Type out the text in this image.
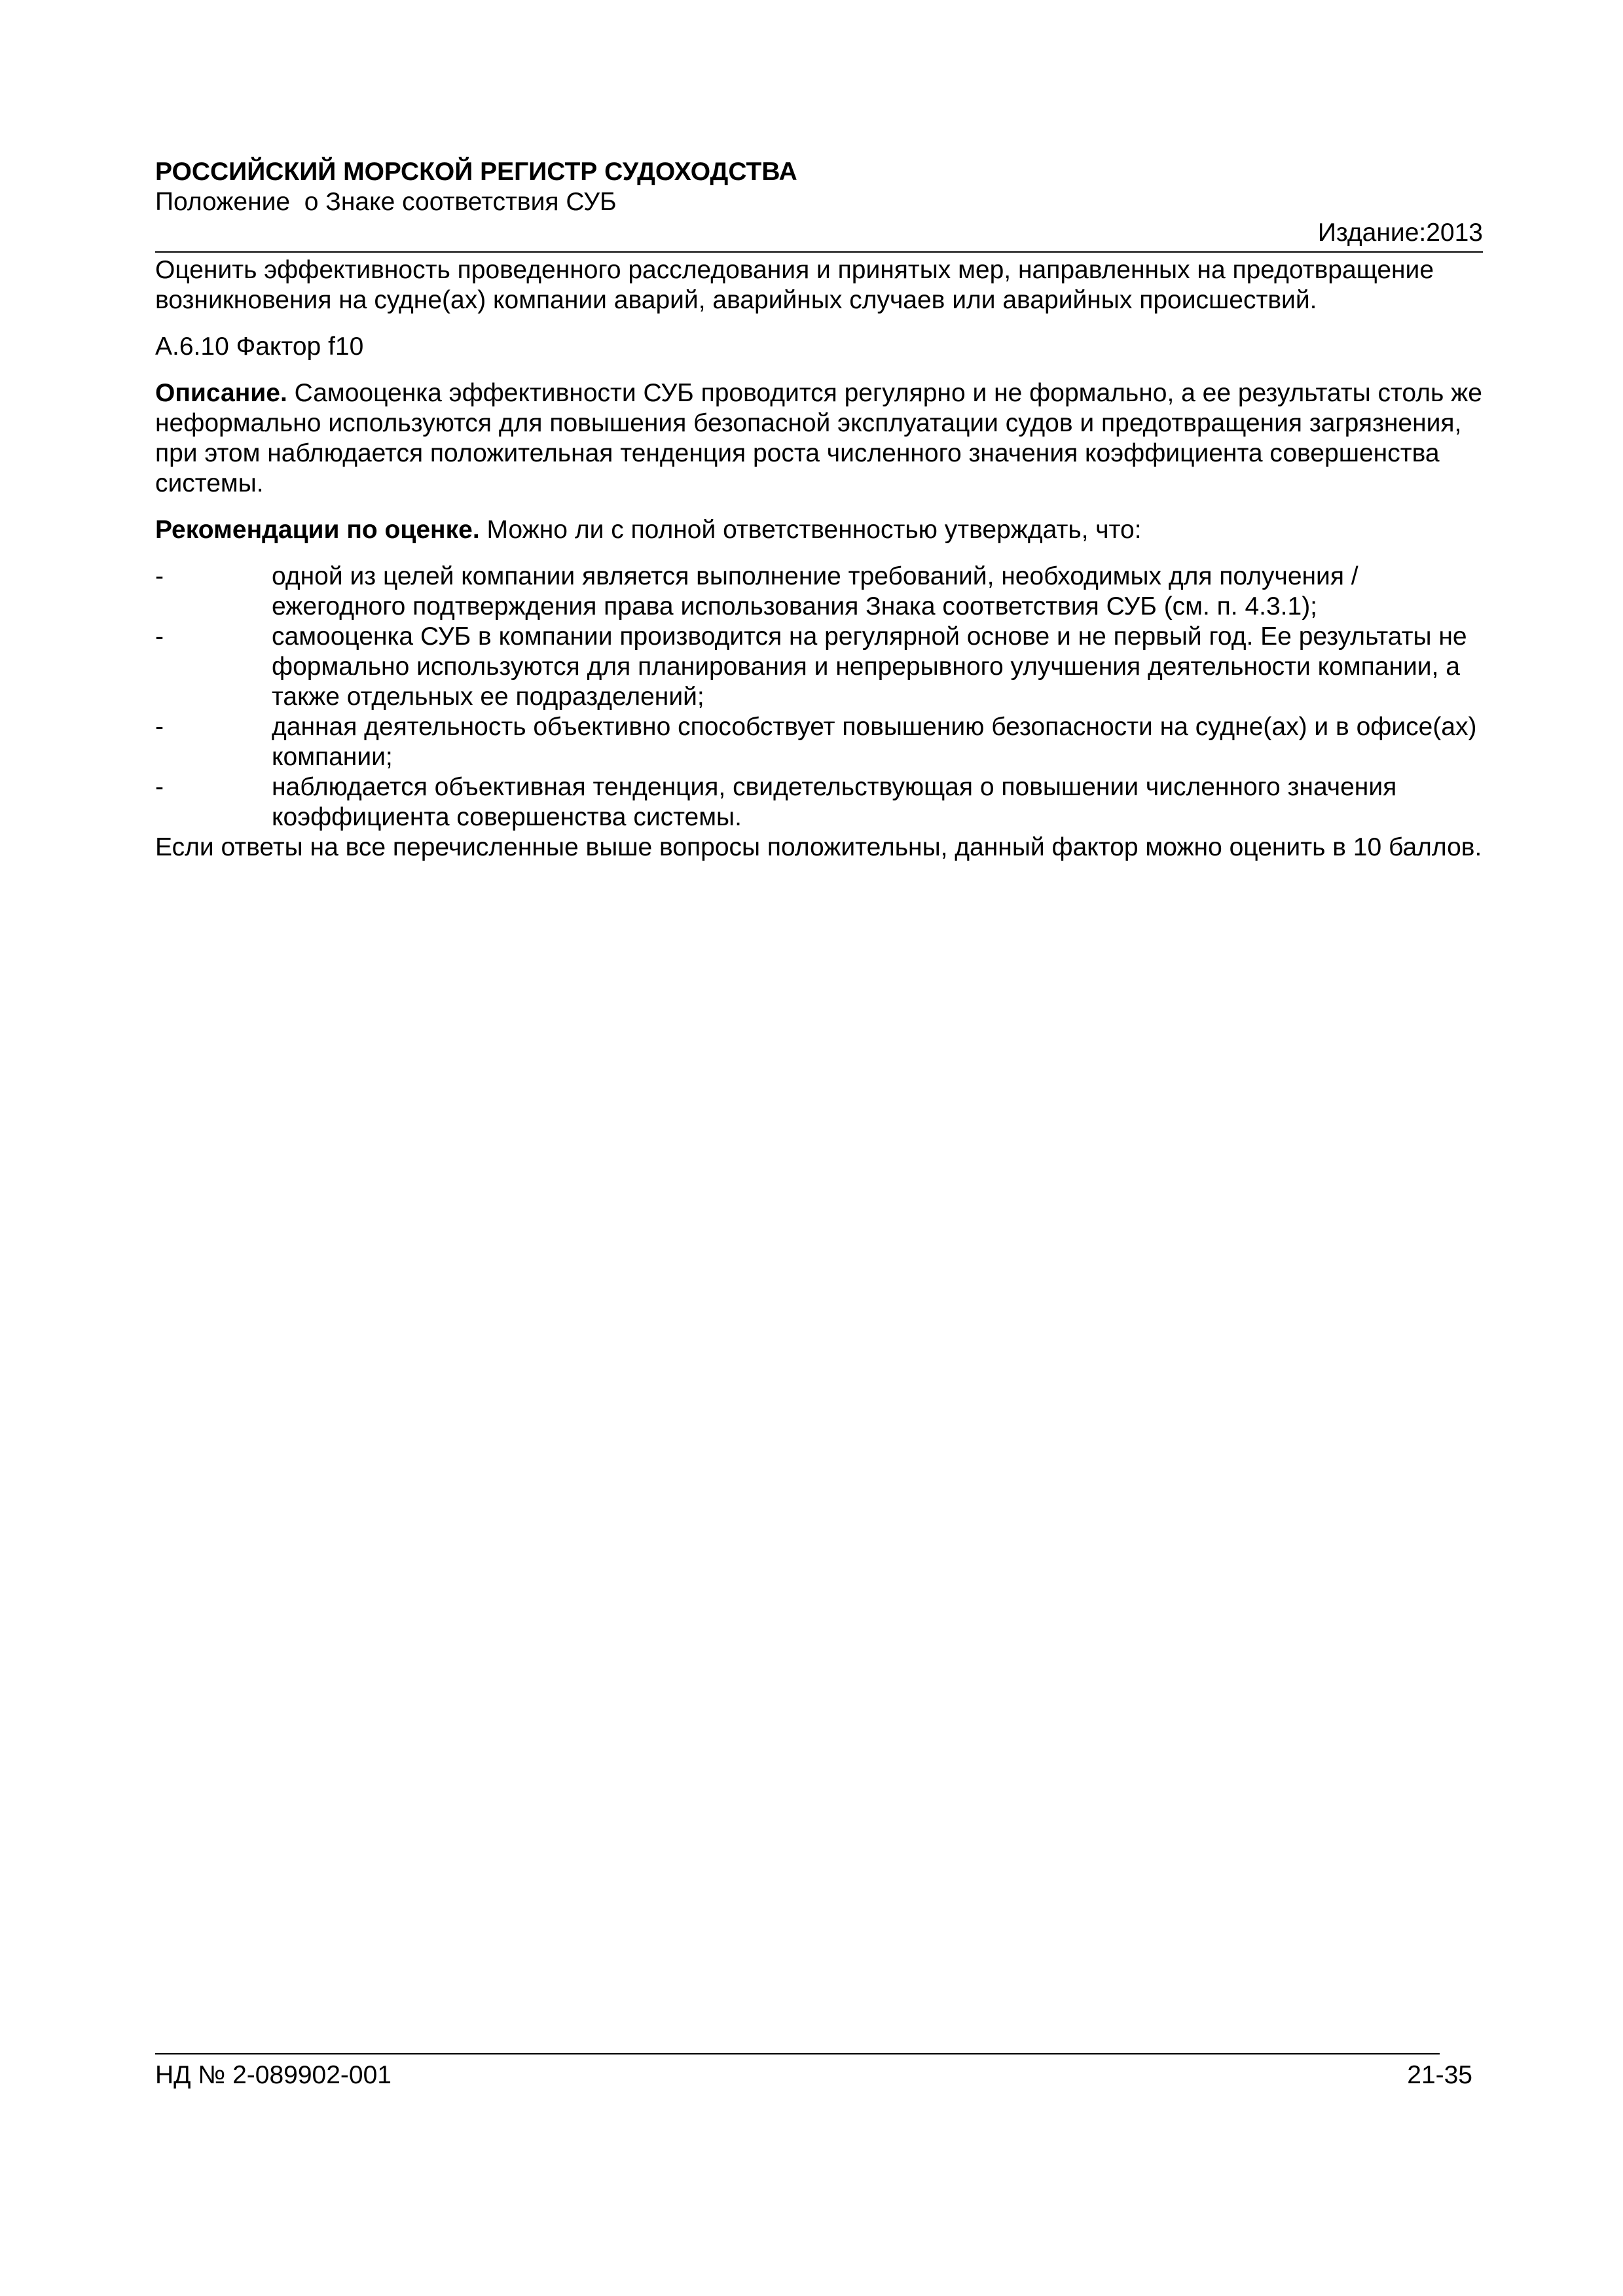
РОССИЙСКИЙ МОРСКОЙ РЕГИСТР СУДОХОДСТВА
Положение  о Знаке соответствия СУБ
Издание:2013

Оценить эффективность проведенного расследования и принятых мер, направленных на предотвращение возникновения на судне(ах) компании аварий, аварийных случаев или аварийных происшествий.

А.6.10 Фактор f10

Описание. Самооценка эффективности СУБ проводится регулярно и не формально, а ее результаты столь же неформально используются для повышения безопасной эксплуатации судов и предотвращения загрязнения, при этом наблюдается положительная тенденция роста численного значения коэффициента совершенства системы.

Рекомендации по оценке. Можно ли с полной ответственностью утверждать, что:

-	одной из целей компании является выполнение требований, необходимых для получения / ежегодного подтверждения права использования Знака соответствия СУБ (см. п. 4.3.1);
-	самооценка СУБ в компании производится на регулярной основе и не первый год. Ее результаты не формально используются для планирования и непрерывного улучшения деятельности компании, а также отдельных ее подразделений;
-	данная деятельность объективно способствует повышению безопасности на судне(ах) и в офисе(ах) компании;
-	наблюдается объективная тенденция, свидетельствующая о повышении численного значения коэффициента совершенства системы.

Если ответы на все перечисленные выше вопросы положительны, данный фактор можно оценить в 10 баллов.

НД № 2-089902-001	21-35
